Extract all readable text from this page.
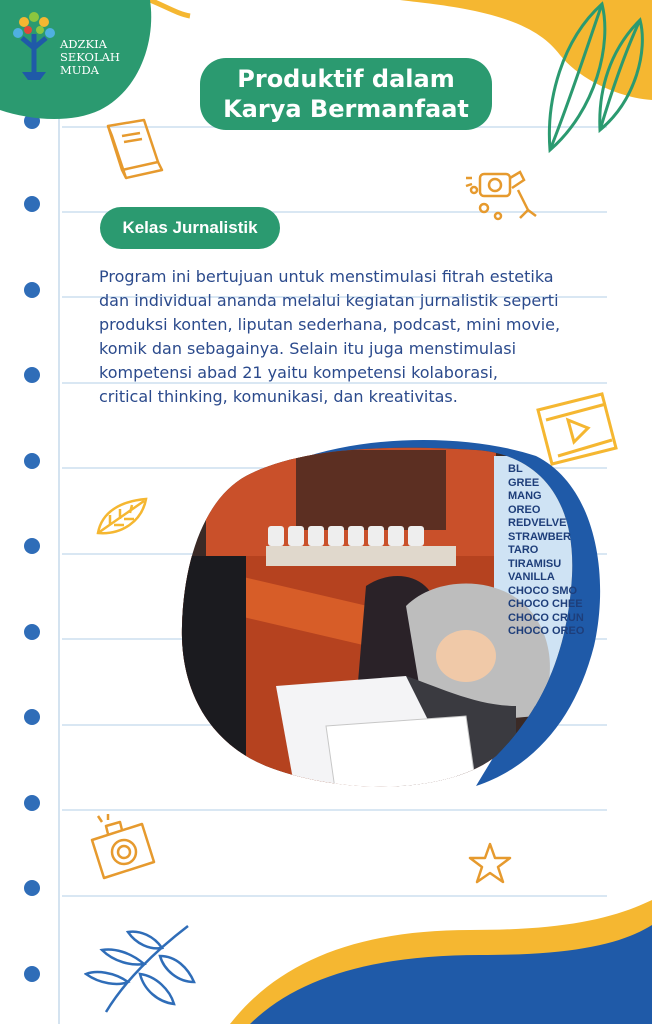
ADZKIA
SEKOLAH
MUDA	Produktif dalam
Karya Bermanfaat
Kelas Jurnalistik
Program ini bertujuan untuk menstimulasi fitrah estetika
dan individual ananda melalui kegiatan jurnalistik seperti
produksi konten, liputan sederhana, podcast, mini movie,
komik dan sebagainya. Selain itu juga menstimulasi
kompetensi abad 21 yaitu kompetensi kolaborasi,
critical thinking, komunikasi, dan kreativitas.
BL
GREE
MANG
OREO
REDVELVE
STRAWBER
TARO
TIRAMISU
VANILLA
CHOCO SMO
CHOCO CHEE
CHOCO CRUN
CHOCO OREO
